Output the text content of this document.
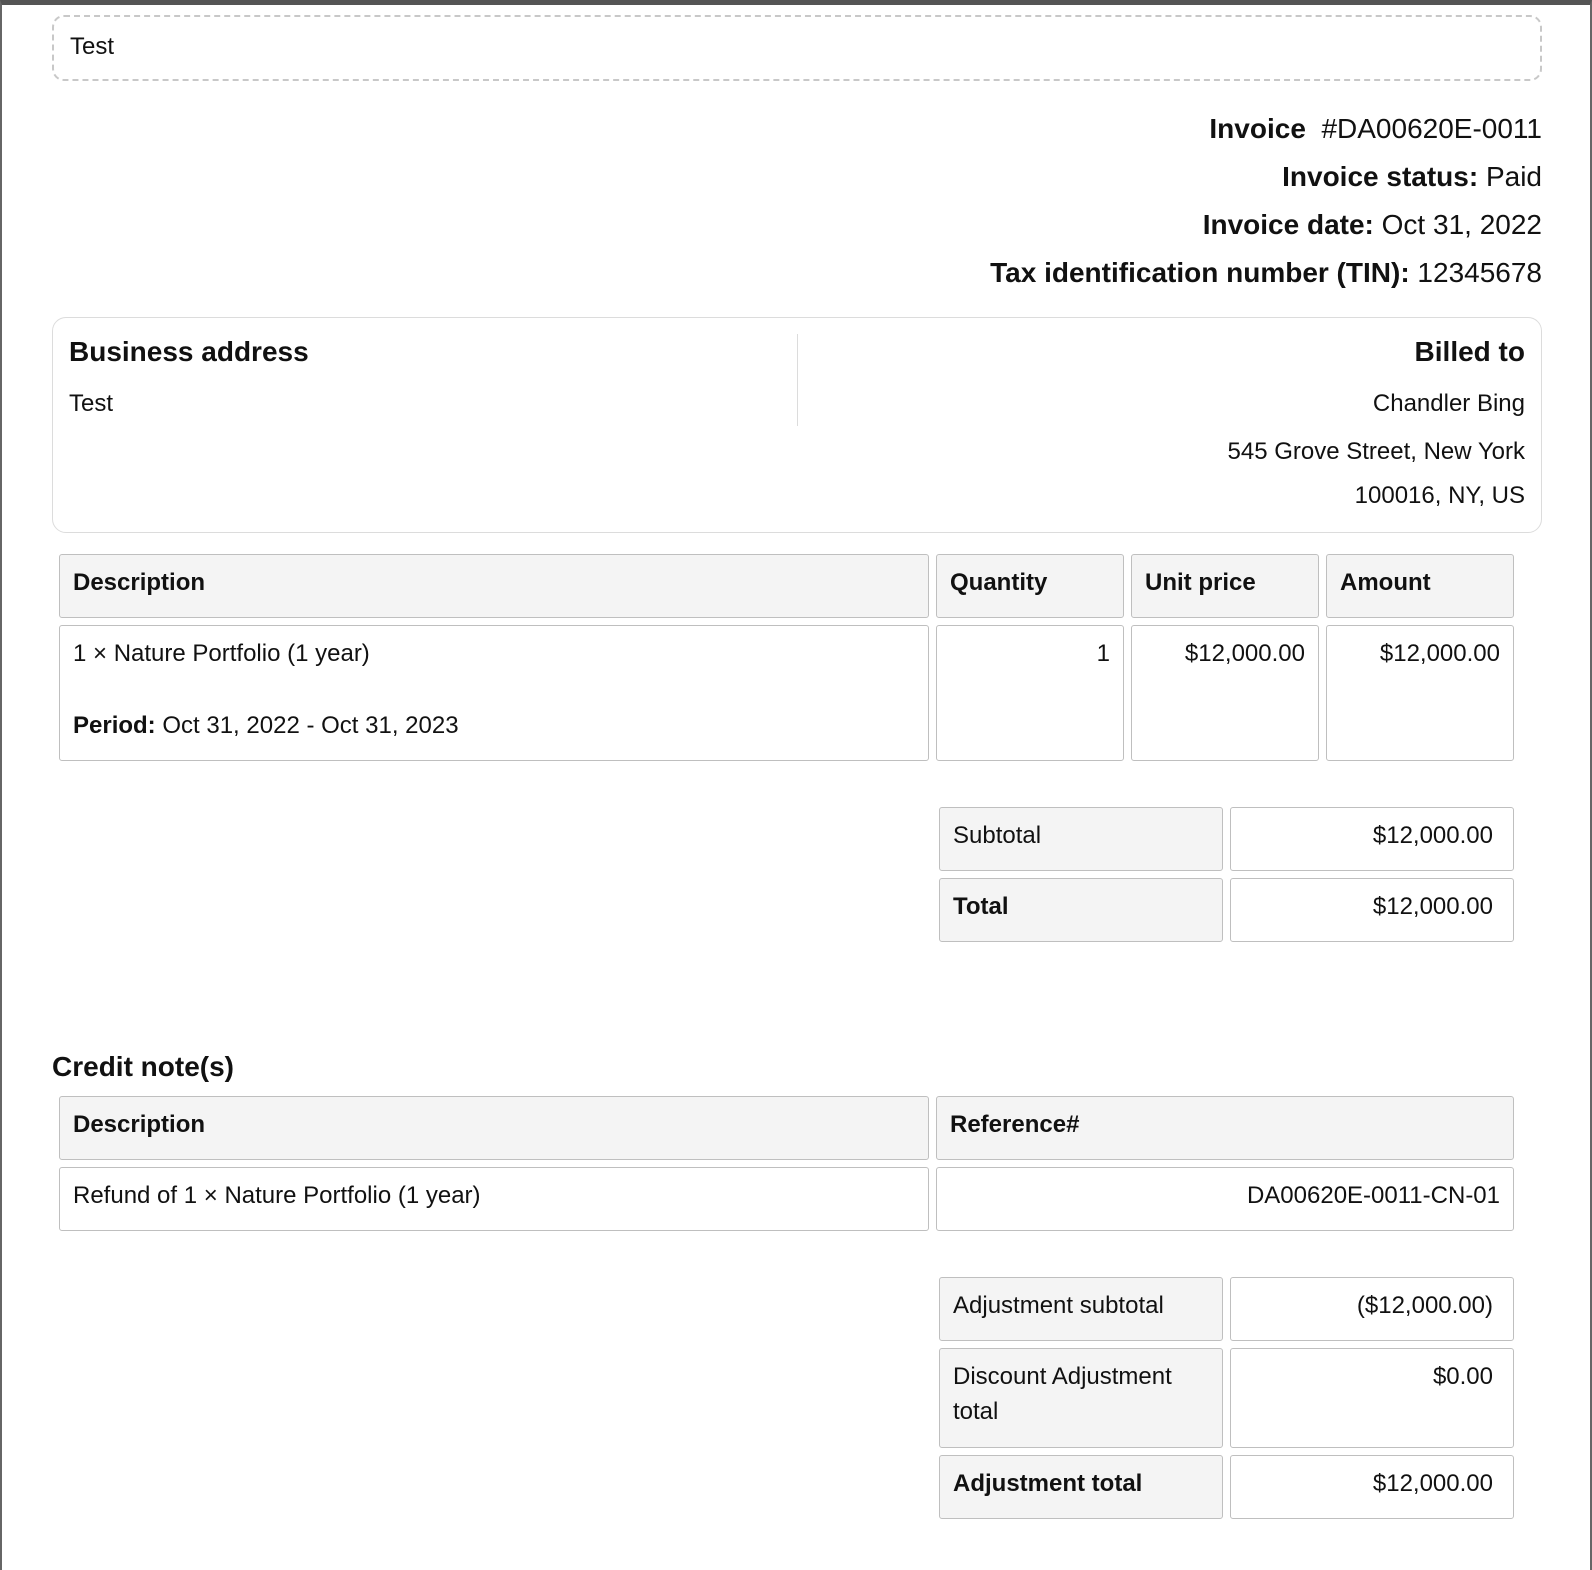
Test
Invoice #DA00620E-0011
Invoice status: Paid
Invoice date: Oct 31, 2022
Tax identification number (TIN): 12345678
Business address
Test
Billed to
Chandler Bing
545 Grove Street, New York
100016, NY, US
Description	Quantity	Unit price	Amount

1 × Nature Portfolio (1 year)
Period: Oct 31, 2022 - Oct 31, 2023	1	$12,000.00	$12,000.00
Subtotal	$12,000.00
Total	$12,000.00
Credit note(s)
Description	Reference#
Refund of 1 × Nature Portfolio (1 year)	DA00620E-0011-CN-01
Adjustment subtotal	($12,000.00)
Discount Adjustment total	$0.00
Adjustment total	$12,000.00
